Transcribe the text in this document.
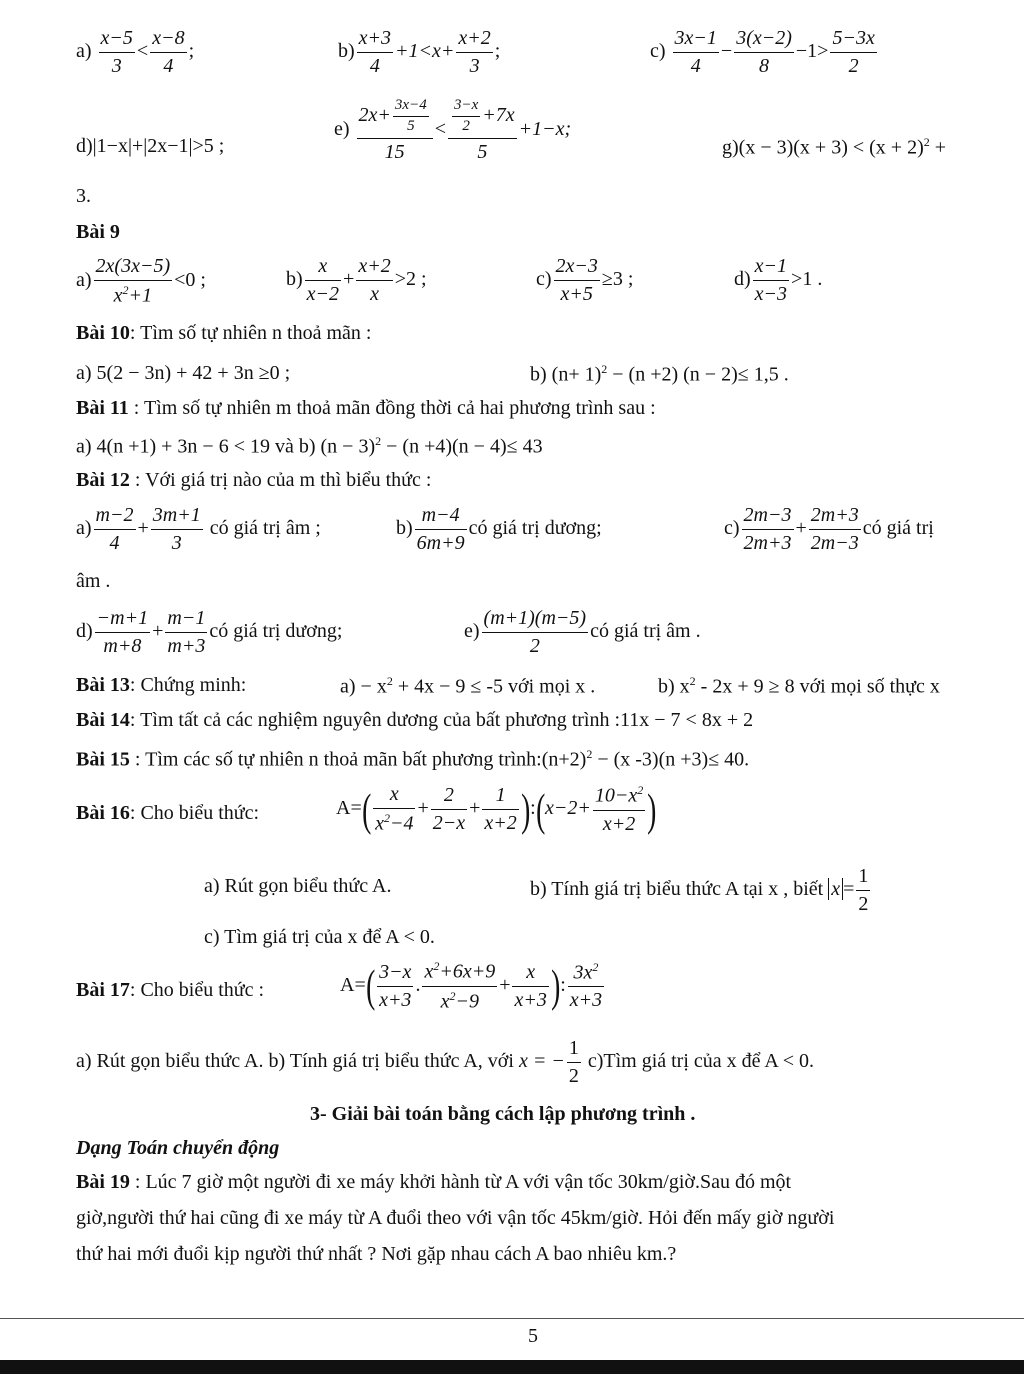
$a) \frac{x-5}{3} < \frac{x-8}{4}$ ;	$b) \frac{x+3}{4} +1<x+ \frac{x+2}{3}$ ;	$c) \frac{3x-1}{4} - \frac{3(x-2)}{8} -1> \frac{5-3x}{2}$
d)|1−x|+|2x−1|>5 ;
$e) \frac{2x+ \frac{3x-4}{5}}{15} < \frac{\frac{3-x}{2} +7x}{5} +1-x$;
$g)(x - 3)(x + 3) < (x + 2)^2$ +
3.
Bài 9
$a) \frac{2x(3x-5)}{x^2+1} <0$ ;	$b) \frac{x}{x-2} + \frac{x+2}{x} >2$ ;	$c) \frac{2x-3}{x+5} \ge 3$ ;	$d) \frac{x-1}{x-3} >1$ .
Bài 10: Tìm số tự nhiên n thoả mãn :
a) 5(2 − 3n) + 42 + 3n ≥0 ;	b) $(n+ 1)^2 - (n +2)$ (n − 2)≤ 1,5 .
Bài 11 : Tìm số tự nhiên m thoả mãn đồng thời cả hai phương trình sau :
a) 4(n +1) + 3n − 6 < 19 và b) $(n - 3)^2 - (n +4)(n - 4)\le 43$
Bài 12 : Với giá trị nào của m thì biểu thức :
$a) \frac{m-2}{4} + \frac{3m+1}{3}$ có giá trị âm ;	$b) \frac{m-4}{6m+9}$ có giá trị dương;	$c) \frac{2m-3}{2m+3} + \frac{2m+3}{2m-3}$ có giá trị
âm .
$d) \frac{-m+1}{m+8} + \frac{m-1}{m+3}$ có giá trị dương;	$e) \frac{(m+1)(m-5)}{2}$ có giá trị âm .
Bài 13: Chứng minh:	$a) - x^2 + 4x - 9 \le -5$ với mọi x .	b) $x^2 - 2x + 9 \ge 8$ với mọi số thực x
Bài 14: Tìm tất cả các nghiệm nguyên dương của bất phương trình :11x − 7 < 8x + 2
Bài 15 : Tìm các số tự nhiên n thoả mãn bất phương $trình:(n+2)^2 - (x$ -3)(n +3)≤ 40.
Bài 16: Cho biểu thức:	$A=( \frac{x}{x^2-4} + \frac{2}{2-x} + \frac{1}{x+2}$ ):(x−2+ $\frac{10-x^2}{x+2}$ )
a) Rút gọn biểu thức A.	b) Tính giá trị biểu thức A tại x , biết $x = \frac{1}{2}$
c) Tìm giá trị của x để A < 0.
Bài 17: Cho biểu thức :	$A=( \frac{3-x}{x+3}$ . $\frac{x^2+6x+9}{x^2-9} + \frac{x}{x+3}$ ): $\frac{3x^2}{x+3}$
a) Rút gọn biểu thức A. b) Tính giá trị biểu thức A, với x = − $\frac{1}{2}$ c)Tìm giá trị của x để A < 0.
3- Giải bài toán bằng cách lập phương trình .
Dạng Toán chuyển động
Bài 19 : Lúc 7 giờ một người đi xe máy khởi hành từ A với vận tốc 30km/giờ.Sau đó một
giờ,người thứ hai cũng đi xe máy từ A đuổi theo với vận tốc 45km/giờ. Hỏi đến mấy giờ người
thứ hai mới đuổi kịp người thứ nhất ? Nơi gặp nhau cách A bao nhiêu km.?
5
